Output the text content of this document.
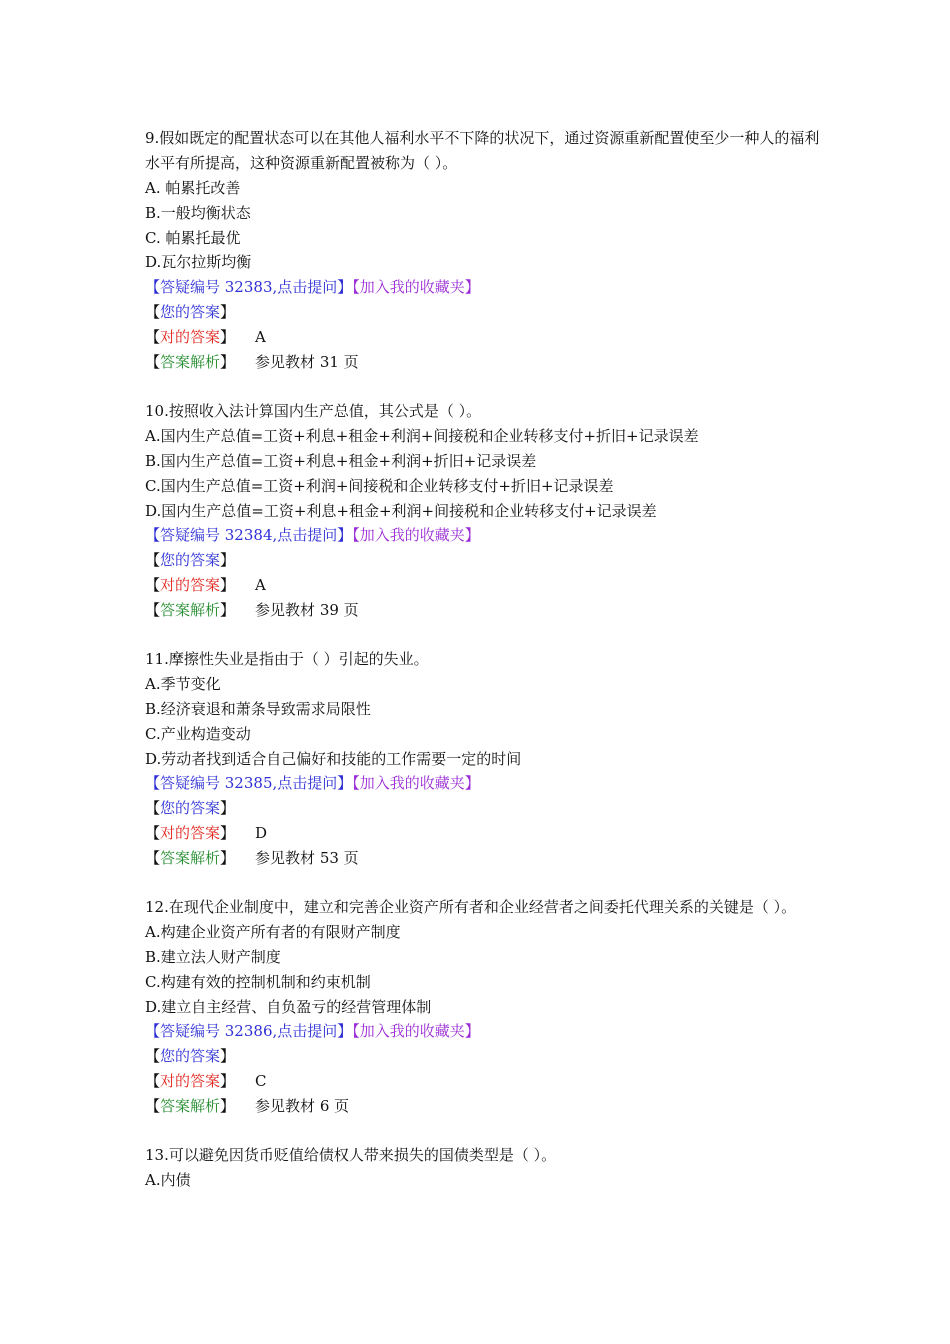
9.假如既定的配置状态可以在其他人福利水平不下降的状况下，通过资源重新配置使至少一种人的福利水平有所提高，这种资源重新配置被称为（ ）。
A. 帕累托改善
B.一般均衡状态
C. 帕累托最优
D.瓦尔拉斯均衡
【答疑编号 32383,点击提问】【加入我的收藏夹】
【您的答案】
【对的答案】 A
【答案解析】 参见教材 31 页
10.按照收入法计算国内生产总值，其公式是（ ）。
A.国内生产总值=工资+利息+租金+利润+间接税和企业转移支付+折旧+记录误差
B.国内生产总值=工资+利息+租金+利润+折旧+记录误差
C.国内生产总值=工资+利润+间接税和企业转移支付+折旧+记录误差
D.国内生产总值=工资+利息+租金+利润+间接税和企业转移支付+记录误差
【答疑编号 32384,点击提问】【加入我的收藏夹】
【您的答案】
【对的答案】 A
【答案解析】 参见教材 39 页
11.摩擦性失业是指由于（ ）引起的失业。
A.季节变化
B.经济衰退和萧条导致需求局限性
C.产业构造变动
D.劳动者找到适合自己偏好和技能的工作需要一定的时间
【答疑编号 32385,点击提问】【加入我的收藏夹】
【您的答案】
【对的答案】 D
【答案解析】 参见教材 53 页
12.在现代企业制度中，建立和完善企业资产所有者和企业经营者之间委托代理关系的关键是（ ）。
A.构建企业资产所有者的有限财产制度
B.建立法人财产制度
C.构建有效的控制机制和约束机制
D.建立自主经营、自负盈亏的经营管理体制
【答疑编号 32386,点击提问】【加入我的收藏夹】
【您的答案】
【对的答案】 C
【答案解析】 参见教材 6 页
13.可以避免因货币贬值给债权人带来损失的国债类型是（ ）。
A.内债
